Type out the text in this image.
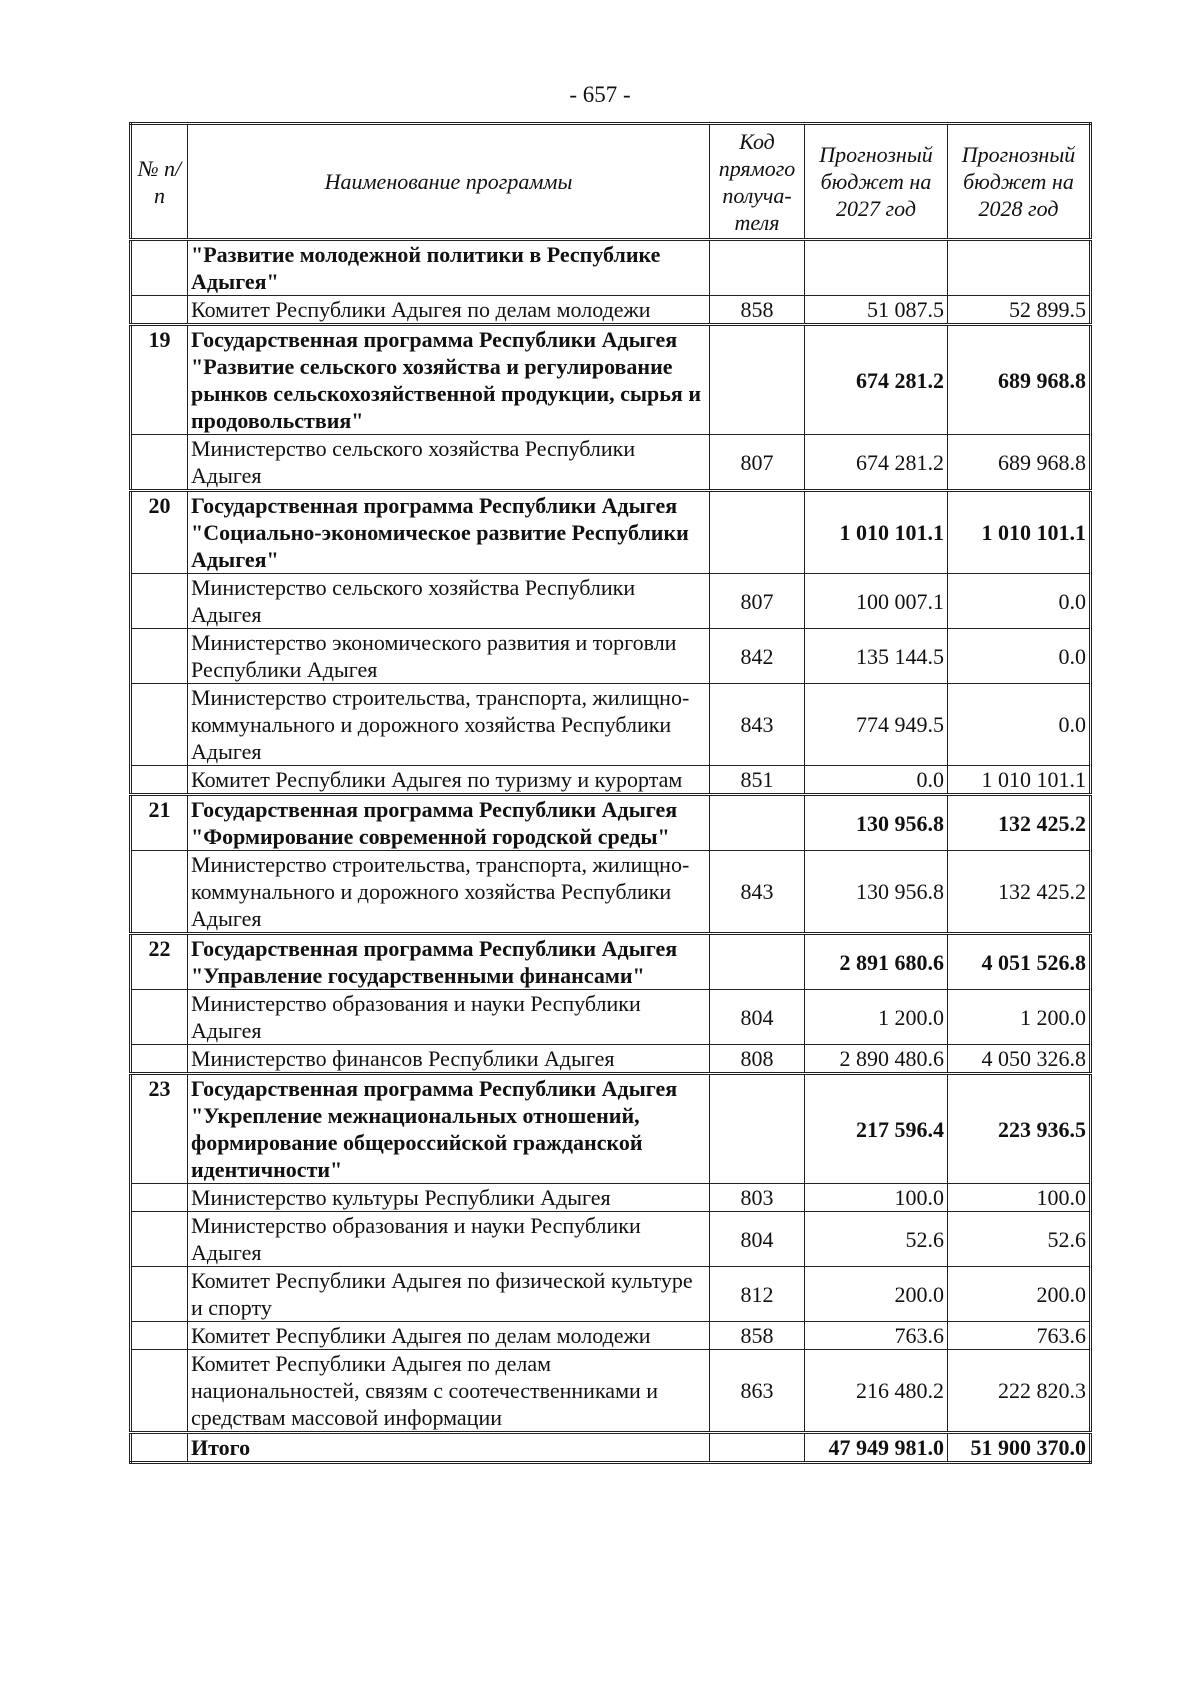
- 657 -
№ п/п	Наименование программы	Код прямого получа-теля	Прогнозный бюджет на 2027 год	Прогнозный бюджет на 2028 год
	"Развитие молодежной политики в Республике Адыгея"			
	Комитет Республики Адыгея по делам молодежи	858	51 087.5	52 899.5
19	Государственная программа Республики Адыгея "Развитие сельского хозяйства и регулирование рынков сельскохозяйственной продукции, сырья и продовольствия"		674 281.2	689 968.8
	Министерство сельского хозяйства Республики Адыгея	807	674 281.2	689 968.8
20	Государственная программа Республики Адыгея "Социально-экономическое развитие Республики Адыгея"		1 010 101.1	1 010 101.1
	Министерство сельского хозяйства Республики Адыгея	807	100 007.1	0.0
	Министерство экономического развития и торговли Республики Адыгея	842	135 144.5	0.0
	Министерство строительства, транспорта, жилищно-коммунального и дорожного хозяйства Республики Адыгея	843	774 949.5	0.0
	Комитет Республики Адыгея по туризму и курортам	851	0.0	1 010 101.1
21	Государственная программа Республики Адыгея "Формирование современной городской среды"		130 956.8	132 425.2
	Министерство строительства, транспорта, жилищно-коммунального и дорожного хозяйства Республики Адыгея	843	130 956.8	132 425.2
22	Государственная программа Республики Адыгея "Управление государственными финансами"		2 891 680.6	4 051 526.8
	Министерство образования и науки Республики Адыгея	804	1 200.0	1 200.0
	Министерство финансов Республики Адыгея	808	2 890 480.6	4 050 326.8
23	Государственная программа Республики Адыгея "Укрепление межнациональных отношений, формирование общероссийской гражданской идентичности"		217 596.4	223 936.5
	Министерство культуры Республики Адыгея	803	100.0	100.0
	Министерство образования и науки Республики Адыгея	804	52.6	52.6
	Комитет Республики Адыгея по физической культуре и спорту	812	200.0	200.0
	Комитет Республики Адыгея по делам молодежи	858	763.6	763.6
	Комитет Республики Адыгея по делам национальностей, связям с соотечественниками и средствам массовой информации	863	216 480.2	222 820.3
	Итого		47 949 981.0	51 900 370.0
